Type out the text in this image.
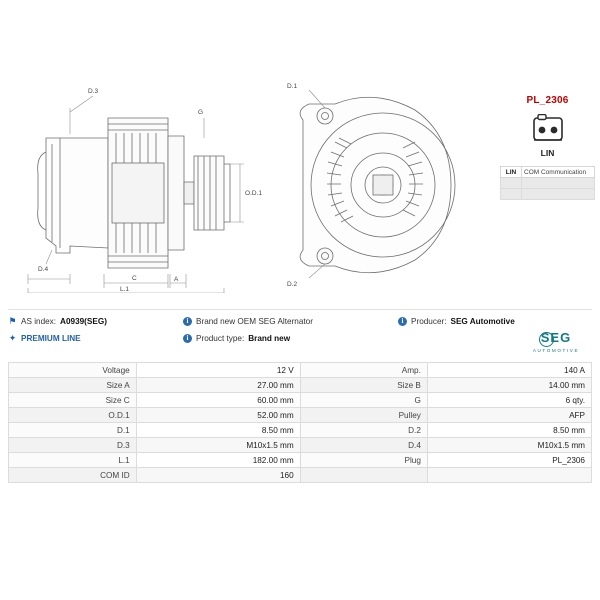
D.3
G
O.D.1
A
C
L.1
D.4
D.1
D.2
PL_2306
LIN
LIN	COM Communication

⚑ AS index: A0939(SEG)	i Brand new OEM SEG Alternator	i Producer: SEG Automotive
✦ PREMIUM LINE	i Product type: Brand new	SEG
AUTOMOTIVE
Voltage	12 V	Amp.	140 A
Size A	27.00 mm	Size B	14.00 mm
Size C	60.00 mm	G	6 qty.
O.D.1	52.00 mm	Pulley	AFP
D.1	8.50 mm	D.2	8.50 mm
D.3	M10x1.5 mm	D.4	M10x1.5 mm
L.1	182.00 mm	Plug	PL_2306
COM ID	160		
